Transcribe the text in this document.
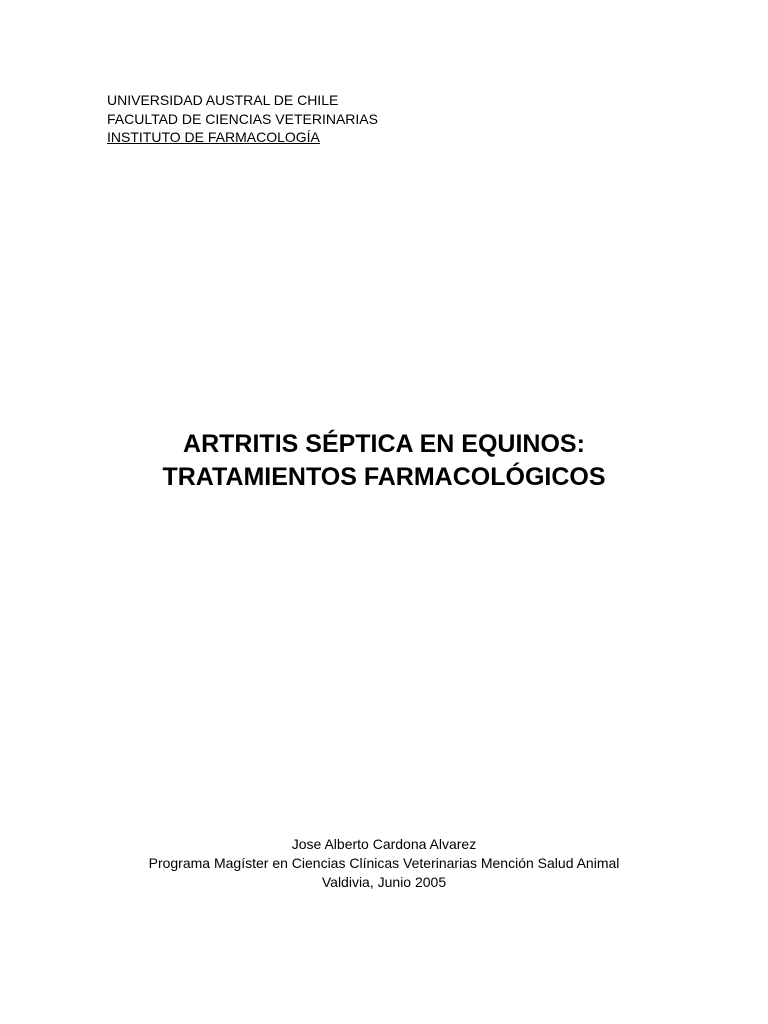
UNIVERSIDAD AUSTRAL DE CHILE
FACULTAD DE CIENCIAS VETERINARIAS
INSTITUTO DE FARMACOLOGÍA
ARTRITIS SÉPTICA EN EQUINOS:
TRATAMIENTOS FARMACOLÓGICOS
Jose Alberto Cardona Alvarez
Programa Magíster en Ciencias Clínicas Veterinarias Mención Salud Animal
Valdivia, Junio 2005
